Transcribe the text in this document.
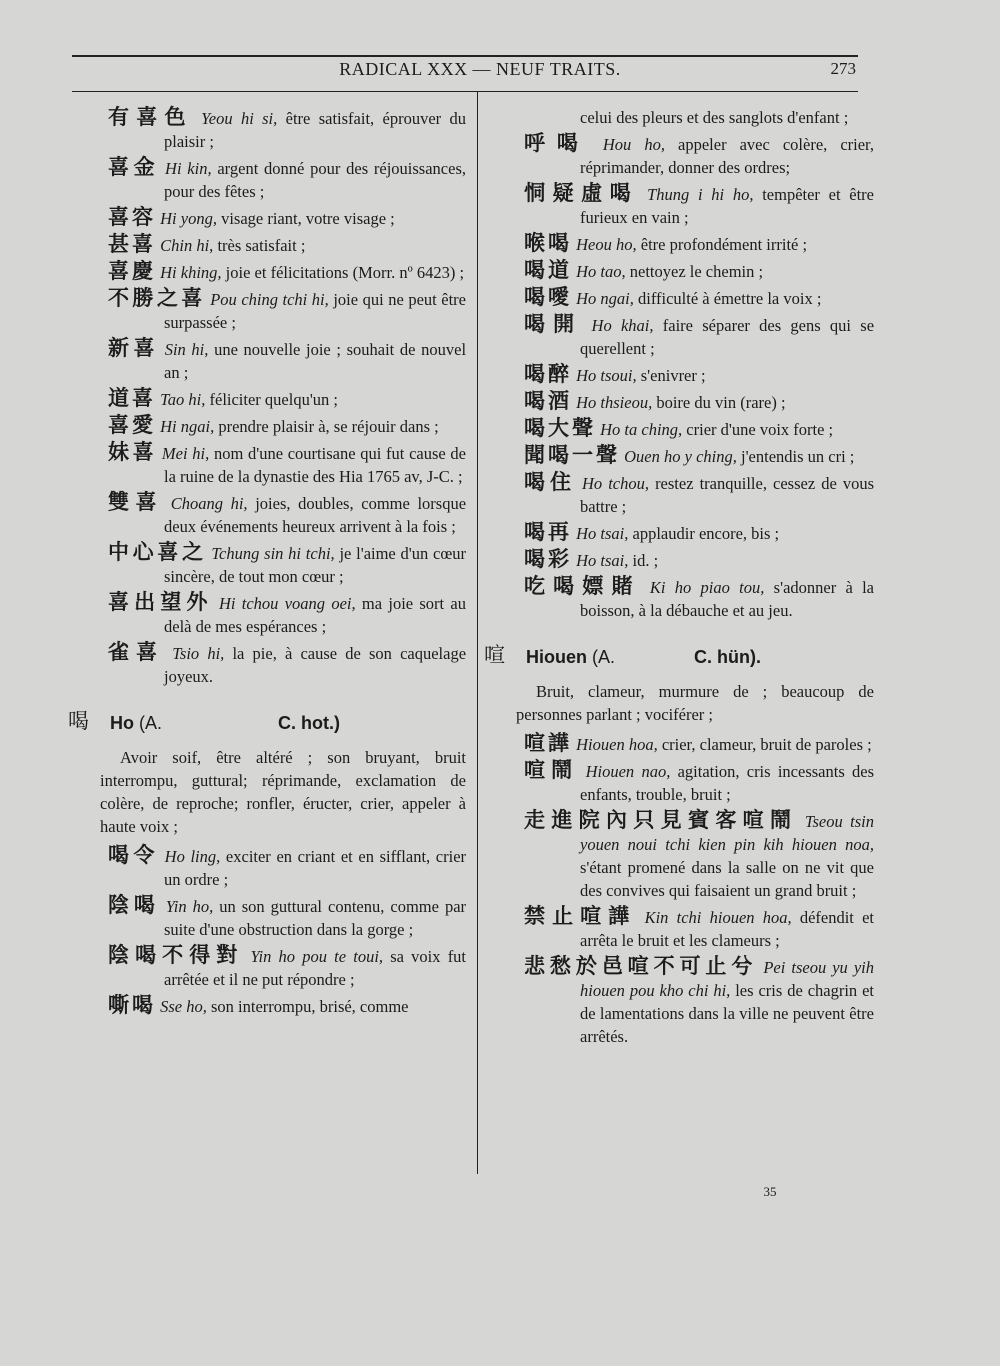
RADICAL XXX — NEUF TRAITS.	273
有喜色 Yeou hi si, être satisfait, éprouver du plaisir ;
喜金 Hi kin, argent donné pour des réjouissances, pour des fêtes ;
喜容 Hi yong, visage riant, votre visage ;
甚喜 Chin hi, très satisfait ;
喜慶 Hi khing, joie et félicitations (Morr. nº 6423) ;
不勝之喜 Pou ching tchi hi, joie qui ne peut être surpassée ;
新喜 Sin hi, une nouvelle joie ; souhait de nouvel an ;
道喜 Tao hi, féliciter quelqu'un ;
喜愛 Hi ngai, prendre plaisir à, se réjouir dans ;
妹喜 Mei hi, nom d'une courtisane qui fut cause de la ruine de la dynastie des Hia 1765 av, J-C. ;
雙喜 Choang hi, joies, doubles, comme lorsque deux événements heureux arrivent à la fois ;
中心喜之 Tchung sin hi tchi, je l'aime d'un cœur sincère, de tout mon cœur ;
喜出望外 Hi tchou voang oei, ma joie sort au delà de mes espérances ;
雀喜 Tsio hi, la pie, à cause de son caquelage joyeux.
喝 Ho (A.	C. hot.)
Avoir soif, être altéré ; son bruyant, bruit interrompu, guttural; réprimande, exclamation de colère, de reproche; ronfler, éructer, crier, appeler à haute voix ;
喝令 Ho ling, exciter en criant et en sifflant, crier un ordre ;
陰喝 Yin ho, un son guttural contenu, comme par suite d'une obstruction dans la gorge ;
陰喝不得對 Yin ho pou te toui, sa voix fut arrêtée et il ne put répondre ;
嘶喝 Sse ho, son interrompu, brisé, comme
celui des pleurs et des sanglots d'enfant ;
呼喝 Hou ho, appeler avec colère, crier, réprimander, donner des ordres;
恫疑虛喝 Thung i hi ho, tempêter et être furieux en vain ;
喉喝 Heou ho, être profondément irrité ;
喝道 Ho tao, nettoyez le chemin ;
喝噯 Ho ngai, difficulté à émettre la voix ;
喝開 Ho khai, faire séparer des gens qui se querellent ;
喝醉 Ho tsoui, s'enivrer ;
喝酒 Ho thsieou, boire du vin (rare) ;
喝大聲 Ho ta ching, crier d'une voix forte ;
聞喝一聲 Ouen ho y ching, j'entendis un cri ;
喝住 Ho tchou, restez tranquille, cessez de vous battre ;
喝再 Ho tsai, applaudir encore, bis ;
喝彩 Ho tsai, id. ;
吃喝嫖賭 Ki ho piao tou, s'adonner à la boisson, à la débauche et au jeu.
喧 Hiouen (A.	C. hün).
Bruit, clameur, murmure de ; beaucoup de personnes parlant ; vociférer ;
喧譁 Hiouen hoa, crier, clameur, bruit de paroles ;
喧鬧 Hiouen nao, agitation, cris incessants des enfants, trouble, bruit ;
走進院內只見賓客喧鬧 Tseou tsin youen noui tchi kien pin kih hiouen noa, s'étant promené dans la salle on ne vit que des convives qui faisaient un grand bruit ;
禁止喧譁 Kin tchi hiouen hoa, défendit et arrêta le bruit et les clameurs ;
悲愁於邑喧不可止兮 Pei tseou yu yih hiouen pou kho chi hi, les cris de chagrin et de lamentations dans la ville ne peuvent être arrêtés.
35
